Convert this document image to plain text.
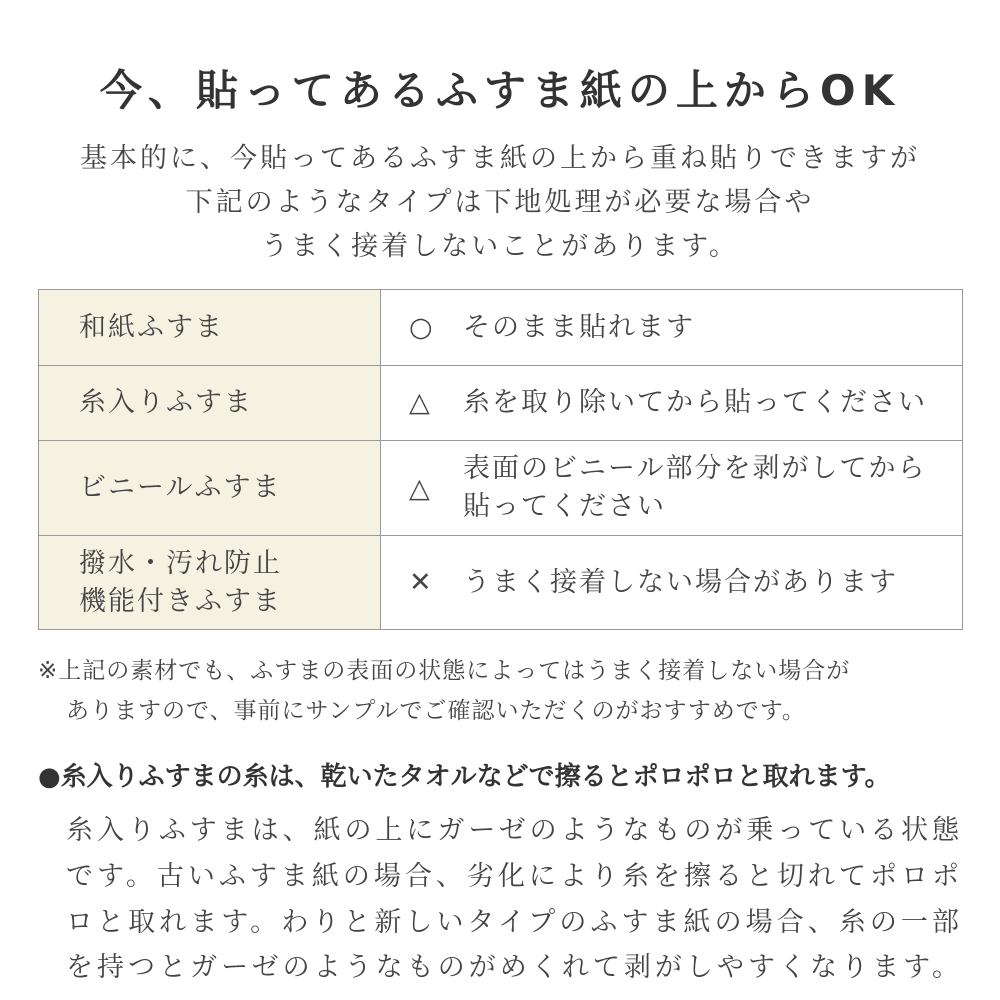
今、貼ってあるふすま紙の上からOK
基本的に、今貼ってあるふすま紙の上から重ね貼りできますが
下記のようなタイプは下地処理が必要な場合や
うまく接着しないことがあります。
和紙ふすま	○ そのまま貼れます
糸入りふすま	△ 糸を取り除いてから貼ってください
ビニールふすま	△表面のビニール部分を剥がしてから
貼ってください
撥水・汚れ防止
機能付きふすま	✕ うまく接着しない場合があります
※上記の素材でも、ふすまの表面の状態によってはうまく接着しない場合が
ありますので、事前にサンプルでご確認いただくのがおすすめです。
●糸入りふすまの糸は、乾いたタオルなどで擦るとポロポロと取れます。
糸入りふすまは、紙の上にガーゼのようなものが乗っている状態
です。古いふすま紙の場合、劣化により糸を擦ると切れてポロポ
ロと取れます。わりと新しいタイプのふすま紙の場合、糸の一部
を持つとガーゼのようなものがめくれて剥がしやすくなります。
